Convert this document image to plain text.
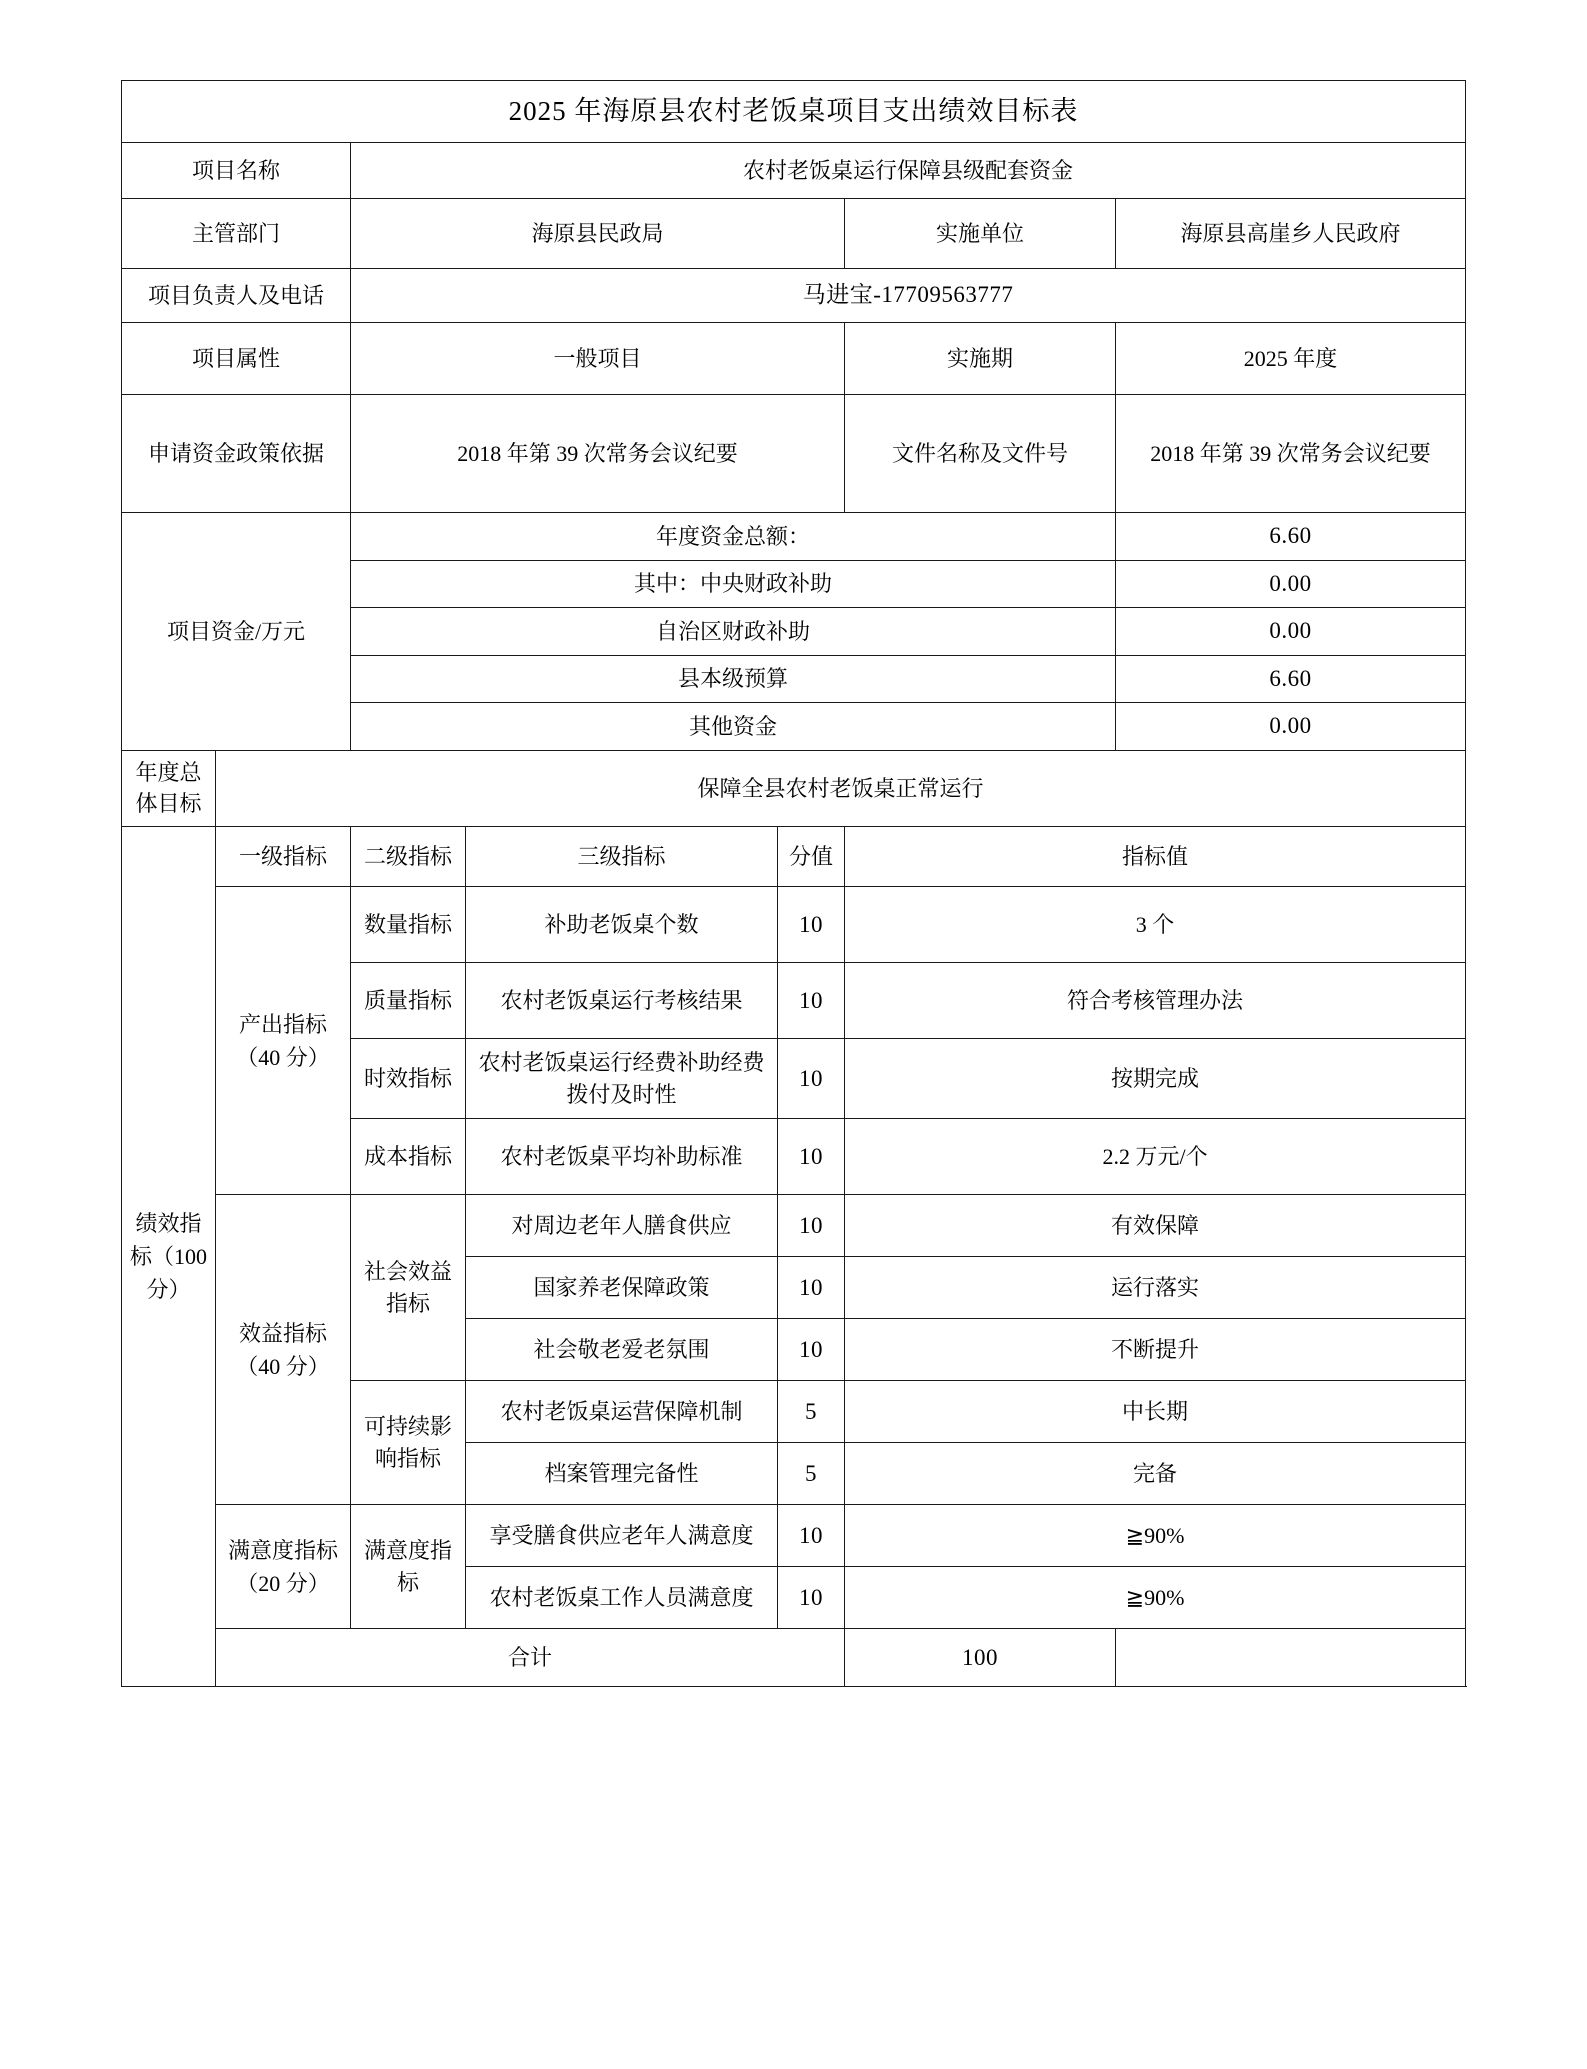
2025 年海原县农村老饭桌项目支出绩效目标表						
项目名称		农村老饭桌运行保障县级配套资金				
主管部门		海原县民政局			实施单位	海原县高崖乡人民政府
项目负责人及电话		马进宝-17709563777				
项目属性		一般项目			实施期	2025 年度
申请资金政策依据		2018 年第 39 次常务会议纪要			文件名称及文件号	2018 年第 39 次常务会议纪要
项目资金/万元		年度资金总额：				6.60
		其中：中央财政补助				0.00
		自治区财政补助				0.00
		县本级预算				6.60
		其他资金				0.00
年度总体目标	保障全县农村老饭桌正常运行					
绩效指标（100 分）	一级指标	二级指标	三级指标	分值	指标值	
	产出指标（40 分）	数量指标	补助老饭桌个数	10	3 个	
		质量指标	农村老饭桌运行考核结果	10	符合考核管理办法	
		时效指标	农村老饭桌运行经费补助经费拨付及时性	10	按期完成	
		成本指标	农村老饭桌平均补助标准	10	2.2 万元/个	
	效益指标（40 分）	社会效益指标	对周边老年人膳食供应	10	有效保障	
			国家养老保障政策	10	运行落实	
			社会敬老爱老氛围	10	不断提升	
		可持续影响指标	农村老饭桌运营保障机制	5	中长期	
			档案管理完备性	5	完备	
	满意度指标（20 分）	满意度指标	享受膳食供应老年人满意度	10	≧90%	
			农村老饭桌工作人员满意度	10	≧90%	
	合计				100	
